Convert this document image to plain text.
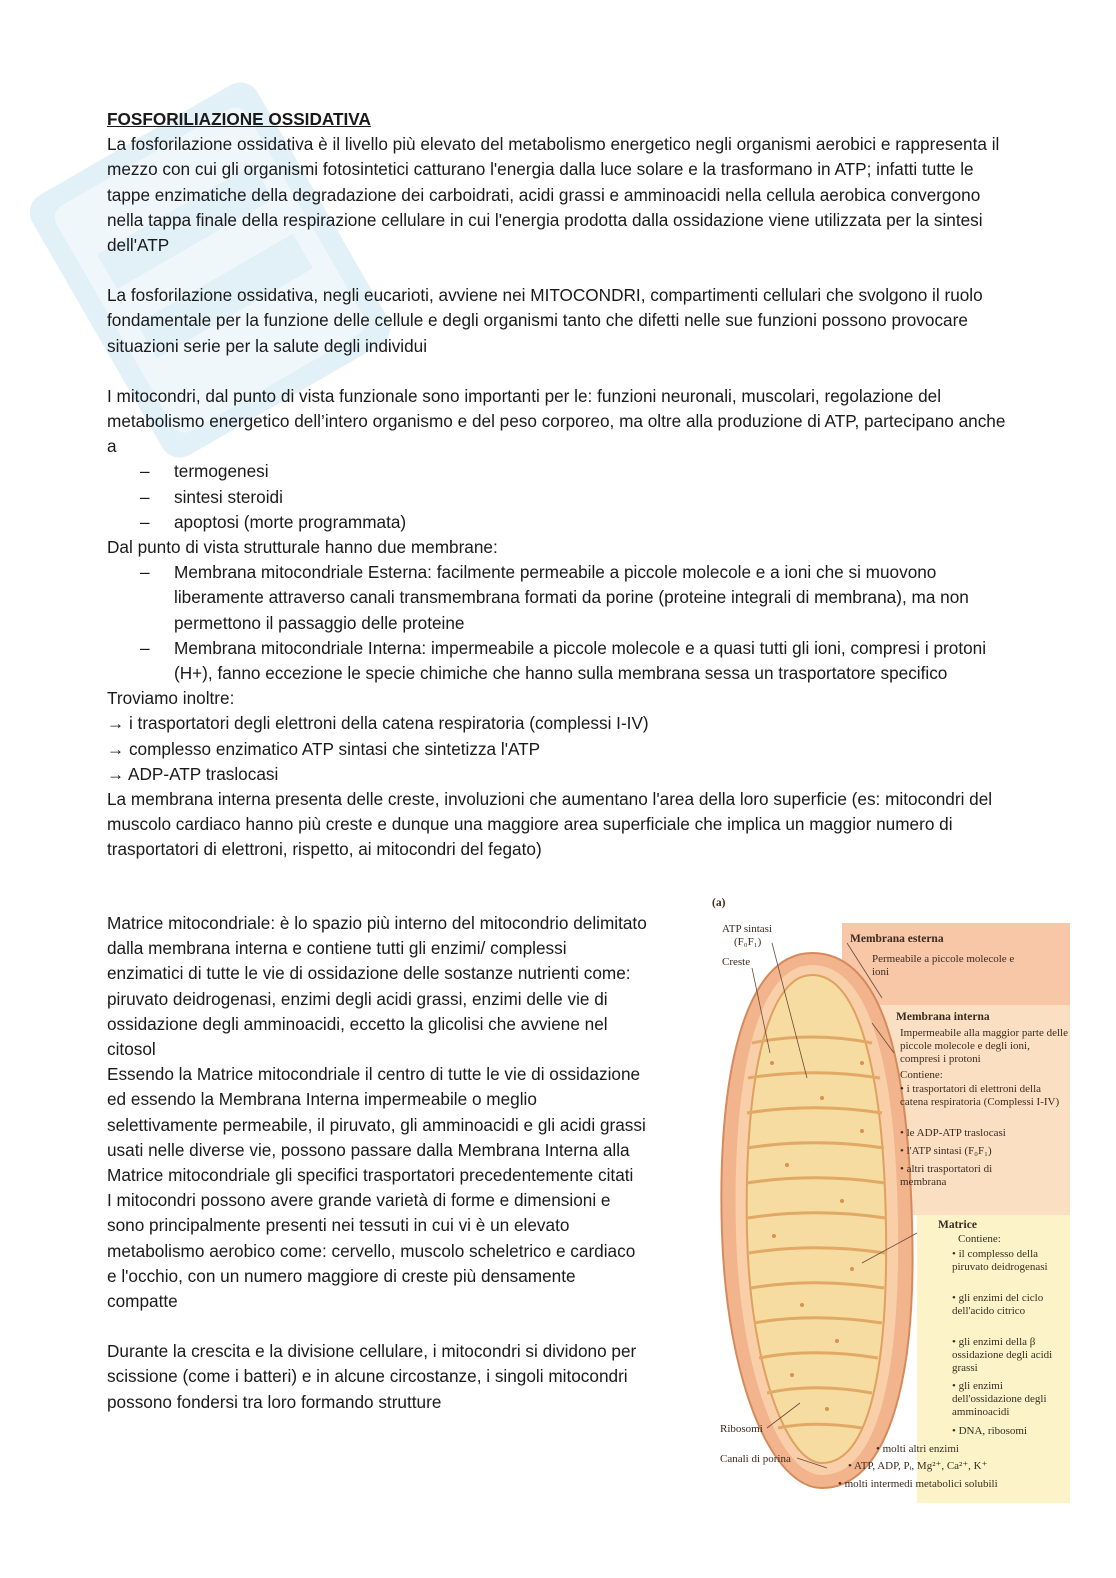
FOSFORILIAZIONE OSSIDATIVA

La fosforilazione ossidativa è il livello più elevato del metabolismo energetico negli organismi aerobici e rappresenta il mezzo con cui gli organismi fotosintetici catturano l'energia dalla luce solare e la trasformano in ATP; infatti tutte le tappe enzimatiche della degradazione dei carboidrati, acidi grassi e amminoacidi nella cellula aerobica convergono nella tappa finale della respirazione cellulare in cui l'energia prodotta dalla ossidazione viene utilizzata per la sintesi dell'ATP

La fosforilazione ossidativa, negli eucarioti, avviene nei MITOCONDRI, compartimenti cellulari che svolgono il ruolo fondamentale per la funzione delle cellule e degli organismi tanto che difetti nelle sue funzioni possono provocare situazioni serie per la salute degli individui

I mitocondri, dal punto di vista funzionale sono importanti per le: funzioni neuronali, muscolari, regolazione del metabolismo energetico dell’intero organismo e del peso corporeo, ma oltre alla produzione di ATP, partecipano anche a

– termogenesi
– sintesi steroidi
– apoptosi (morte programmata)

Dal punto di vista strutturale hanno due membrane:

– Membrana mitocondriale Esterna: facilmente permeabile a piccole molecole e a ioni che si muovono liberamente attraverso canali transmembrana formati da porine (proteine integrali di membrana), ma non permettono il passaggio delle proteine
– Membrana mitocondriale Interna: impermeabile a piccole molecole e a quasi tutti gli ioni, compresi i protoni (H+), fanno eccezione le specie chimiche che hanno sulla membrana sessa un trasportatore specifico

Troviamo inoltre:

→ i trasportatori degli elettroni della catena respiratoria (complessi I-IV)

→ complesso enzimatico ATP sintasi che sintetizza l'ATP

→ ADP-ATP traslocasi

La membrana interna presenta delle creste, involuzioni che aumentano l'area della loro superficie (es: mitocondri del muscolo cardiaco hanno più creste e dunque una maggiore area superficiale che implica un maggior numero di trasportatori di elettroni, rispetto, ai mitocondri del fegato)

Matrice mitocondriale: è lo spazio più interno del mitocondrio delimitato dalla membrana interna e contiene tutti gli enzimi/ complessi enzimatici di tutte le vie di ossidazione delle sostanze nutrienti come: piruvato deidrogenasi, enzimi degli acidi grassi, enzimi delle vie di ossidazione degli amminoacidi, eccetto la glicolisi che avviene nel citosol

Essendo la Matrice mitocondriale il centro di tutte le vie di ossidazione ed essendo la Membrana Interna impermeabile o meglio selettivamente permeabile, il piruvato, gli amminoacidi e gli acidi grassi usati nelle diverse vie, possono passare dalla Membrana Interna alla Matrice mitocondriale gli specifici trasportatori precedentemente citati

I mitocondri possono avere grande varietà di forme e dimensioni e sono principalmente presenti nei tessuti in cui vi è un elevato metabolismo aerobico come: cervello, muscolo scheletrico e cardiaco e l'occhio, con un numero maggiore di creste più densamente compatte

Durante la crescita e la divisione cellulare, i mitocondri si dividono per scissione (come i batteri) e in alcune circostanze, i singoli mitocondri possono fondersi tra loro formando strutture

(a)
ATP sintasi
(F₀F₁)
Creste
Ribosomi
Canali di porina
Membrana esterna
Permeabile a piccole molecole e ioni
Membrana interna
Impermeabile alla maggior parte delle piccole molecole e degli ioni, compresi i protoni
Contiene:
• i trasportatori di elettroni della catena respiratoria (Complessi I-IV)
• le ADP-ATP traslocasi
• l'ATP sintasi (F₀F₁)
• altri trasportatori di membrana
Matrice
Contiene:
• il complesso della piruvato deidrogenasi
• gli enzimi del ciclo dell'acido citrico
• gli enzimi della β ossidazione degli acidi grassi
• gli enzimi dell'ossidazione degli amminoacidi
• DNA, ribosomi
• molti altri enzimi
• ATP, ADP, Pᵢ, Mg²⁺, Ca²⁺, K⁺
• molti intermedi metabolici solubili
